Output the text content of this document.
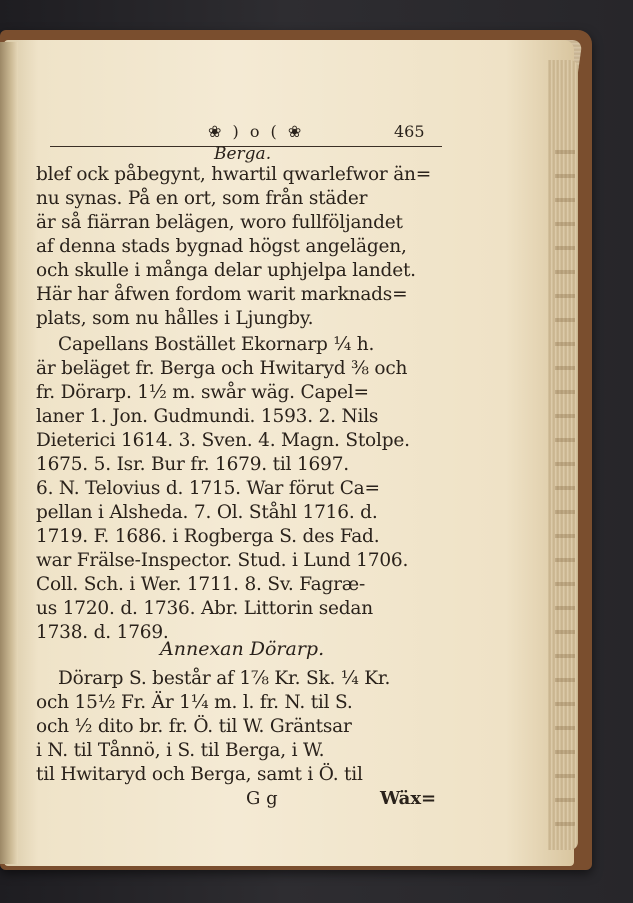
❀ ) o ( ❀	465
Berga.
blef ock påbegynt, hwartil qwarlefwor än=
nu synas. På en ort, som från städer
är så fiärran belägen, woro fullföljandet
af denna stads bygnad högst angelägen,
och skulle i många delar uphjelpa landet.
Här har åfwen fordom warit marknads=
plats, som nu hålles i Ljungby.
Capellans Bostället Ekornarp ¼ h.
är beläget fr. Berga och Hwitaryd ⅜ och
fr. Dörarp. 1½ m. swår wäg. Capel=
laner 1. Jon. Gudmundi. 1593. 2. Nils
Dieterici 1614. 3. Sven. 4. Magn. Stolpe.
1675. 5. Isr. Bur fr. 1679. til 1697.
6. N. Telovius d. 1715. War förut Ca=
pellan i Alsheda. 7. Ol. Ståhl 1716. d.
1719. F. 1686. i Rogberga S. des Fad.
war Frälse-Inspector. Stud. i Lund 1706.
Coll. Sch. i Wer. 1711. 8. Sv. Fagræ-
us 1720. d. 1736. Abr. Littorin sedan
1738. d. 1769.
Annexan Dörarp.
Dörarp S. består af 1⅞ Kr. Sk. ¼ Kr.
och 15½ Fr. Är 1¼ m. l. fr. N. til S.
och ½ dito br. fr. Ö. til W. Gräntsar
i N. til Tånnö, i S. til Berga, i W.
til Hwitaryd och Berga, samt i Ö. til
G g	Wäx=
